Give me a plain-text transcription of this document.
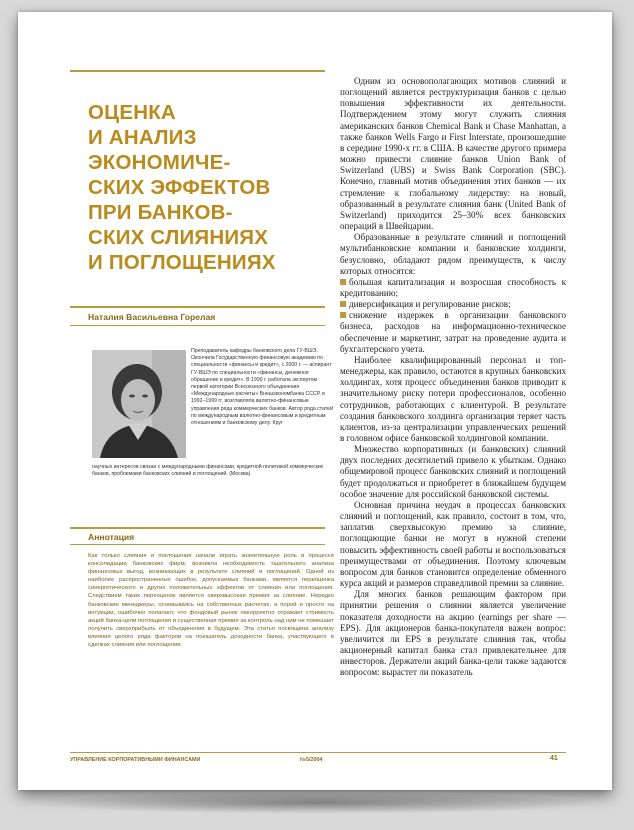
ОЦЕНКА
И АНАЛИЗ
ЭКОНОМИЧЕ-
СКИХ ЭФФЕКТОВ
ПРИ БАНКОВ-
СКИХ СЛИЯНИЯХ
И ПОГЛОЩЕНИЯХ
Наталия Васильевна Горелая
Преподаватель кафедры банковского дела ГУ-ВШЭ. Окончила Государственную финансовую академию по специальности «финансы и кредит», с 2000 г. — аспирант ГУ-ВШЭ по специальности «финансы, денежное обращение и кредит». В 1990 г. работала экспертом первой категории Всесоюзного объединения «Международные расчеты» Внешэкономбанка СССР, в 1992–1999 гг. возглавляла валютно-финансовые управления ряда коммерческих банков. Автор ряда статей по международным валютно-финансовым и кредитным отношениям и банковскому делу. Круг
научных интересов связан с международными финансами, кредитной политикой коммерческих банков, проблемами банковских слияний и поглощений. (Москва)
Аннотация
Как только слияния и поглощения начали играть значительную роль в процессе консолидации банковских фирм, возникла необходимость тщательного анализа финансовых выгод, возникающих в результате слияний и поглощений. Одной из наиболее распространенных ошибок, допускаемых банками, является переоценка синергетического и других положительных эффектов от слияния или поглощения. Следствием таких переоценок является сверхвысокая премия за слияние. Нередко банковские менеджеры, основываясь на собственных расчетах, а порой и просто на интуиции, ошибочно полагают, что фондовый рынок некорректно отражает стоимость акций банка-цели поглощения и существенная премия за контроль над ним не помешает получить сверхприбыль от объединения в будущем. Эта статья посвящена анализу влияния целого ряда факторов на показатель доходности банка, участвующего в сделках слияния или поглощения.

Одним из основополагающих мотивов слияний и поглощений является реструктуризация банков с целью повышения эффективности их деятельности. Подтверждением этому могут служить слияния американских банков Chemical Bank и Chase Manhattan, а также банков Wells Fargo и First Interstate, произошедшие в середине 1990-х гг. в США. В качестве другого примера можно привести слияние банков Union Bank of Switzerland (UBS) и Swiss Bank Corporation (SBC). Конечно, главный мотив объединения этих банков — их стремление к глобальному лидерству: на новый, образованный в результате слияния банк (United Bank of Switzerland) приходится 25–30% всех банковских операций в Швейцарии.

Образованные в результате слияний и поглощений мультибанковские компании и банковские холдинги, безусловно, обладают рядом преимуществ, к числу которых относятся:

большая капитализация и возросшая способность к кредитованию;

диверсификация и регулирование рисков;

снижение издержек в организации банковского бизнеса, расходов на информационно-техническое обеспечение и маркетинг, затрат на проведение аудита и бухгалтерского учета.

Наиболее квалифицированный персонал и топ-менеджеры, как правило, остаются в крупных банковских холдингах, хотя процесс объединения банков приводит к значительному риску потери профессионалов, особенно сотрудников, работающих с клиентурой. В результате создания банковского холдинга организация теряет часть клиентов, из-за централизации управленческих решений в головном офисе банковской холдинговой компании.

Множество корпоративных (и банковских) слияний двух последних десятилетий привело к убыткам. Однако общемировой процесс банковских слияний и поглощений будет продолжаться и приобретет в ближайшем будущем особое значение для российской банковской системы.

Основная причина неудач в процессах банковских слияний и поглощений, как правило, состоит в том, что, заплатив сверхвысокую премию за слияние, поглощающие банки не могут в нужной степени повысить эффективность своей работы и воспользоваться преимуществами от объединения. Поэтому ключевым вопросом для банков становится определение обменного курса акций и размеров справедливой премии за слияние.

Для многих банков решающим фактором при принятии решения о слиянии является увеличение показателя доходности на акцию (earnings per share — EPS). Для акционеров банка-покупателя важен вопрос: увеличится ли EPS в результате слияния так, чтобы акционерный капитал банка стал привлекательнее для инвесторов. Держатели акций банка-цели также задаются вопросом: вырастет ли показатель

УПРАВЛЕНИЕ КОРПОРАТИВНЫМИ ФИНАНСАМИ	№5/2004	41
